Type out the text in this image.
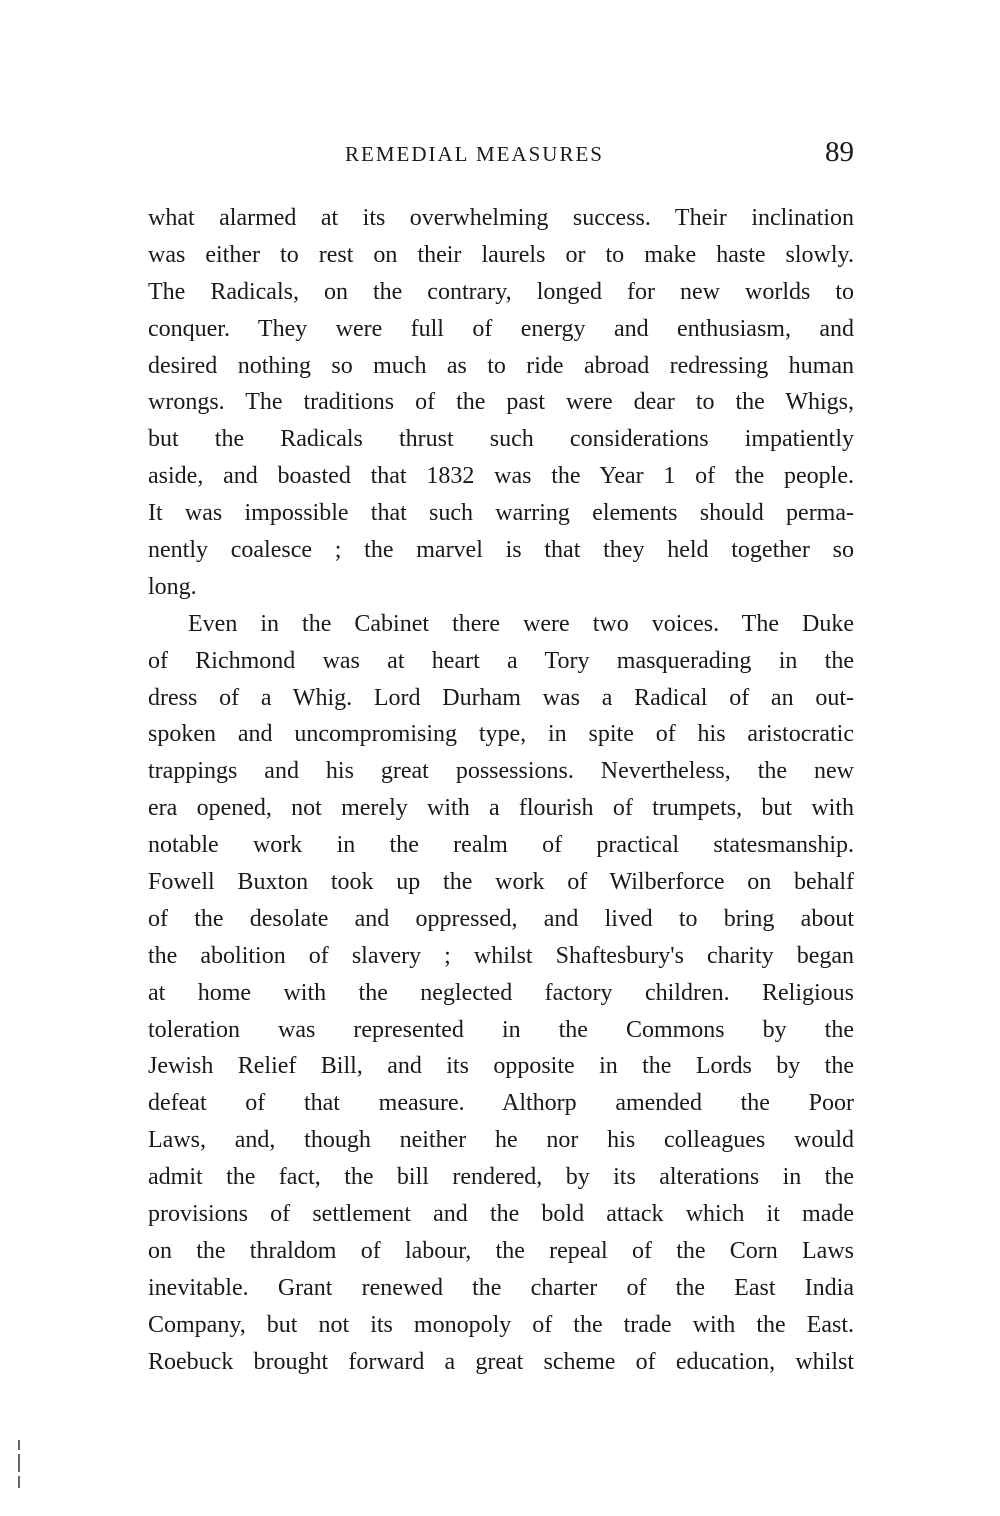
REMEDIAL MEASURES	89
what alarmed at its overwhelming success. Their inclination
was either to rest on their laurels or to make haste slowly.
The Radicals, on the contrary, longed for new worlds to
conquer. They were full of energy and enthusiasm, and
desired nothing so much as to ride abroad redressing human
wrongs. The traditions of the past were dear to the Whigs,
but the Radicals thrust such considerations impatiently
aside, and boasted that 1832 was the Year 1 of the people.
It was impossible that such warring elements should perma-
nently coalesce ; the marvel is that they held together so
long.
Even in the Cabinet there were two voices. The Duke
of Richmond was at heart a Tory masquerading in the
dress of a Whig. Lord Durham was a Radical of an out-
spoken and uncompromising type, in spite of his aristocratic
trappings and his great possessions. Nevertheless, the new
era opened, not merely with a flourish of trumpets, but with
notable work in the realm of practical statesmanship.
Fowell Buxton took up the work of Wilberforce on behalf
of the desolate and oppressed, and lived to bring about
the abolition of slavery ; whilst Shaftesbury's charity began
at home with the neglected factory children. Religious
toleration was represented in the Commons by the
Jewish Relief Bill, and its opposite in the Lords by the
defeat of that measure. Althorp amended the Poor
Laws, and, though neither he nor his colleagues would
admit the fact, the bill rendered, by its alterations in the
provisions of settlement and the bold attack which it made
on the thraldom of labour, the repeal of the Corn Laws
inevitable. Grant renewed the charter of the East India
Company, but not its monopoly of the trade with the East.
Roebuck brought forward a great scheme of education, whilst
